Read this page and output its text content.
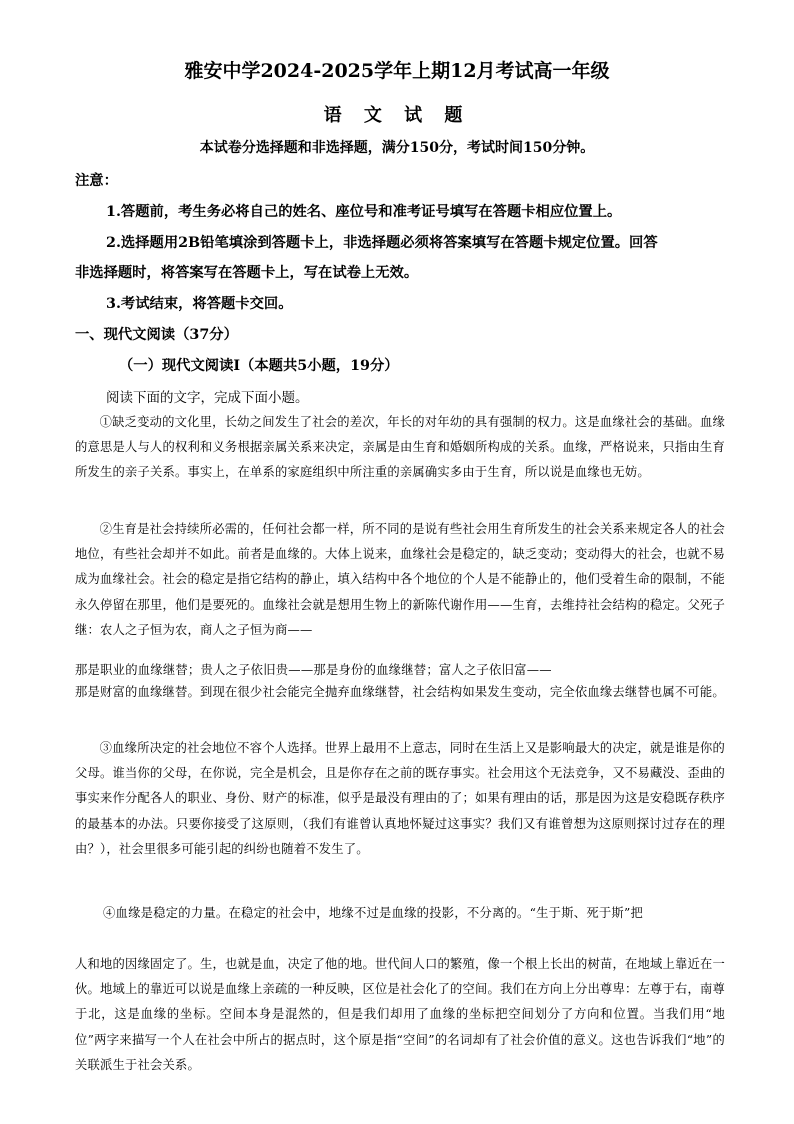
雅安中学2024-2025学年上期12月考试高一年级
语 文 试 题
本试卷分选择题和非选择题，满分150分，考试时间150分钟。
注意：
1.答题前，考生务必将自己的姓名、座位号和准考证号填写在答题卡相应位置上。
2.选择题用2B铅笔填涂到答题卡上，非选择题必须将答案填写在答题卡规定位置。回答
非选择题时，将答案写在答题卡上，写在试卷上无效。
3.考试结束，将答题卡交回。
一、现代文阅读（37分）
（一）现代文阅读I（本题共5小题，19分）
阅读下面的文字，完成下面小题。

①缺乏变动的文化里，长幼之间发生了社会的差次，年长的对年幼的具有强制的权力。这是血缘社会的基础。血缘的意思是人与人的权利和义务根据亲属关系来决定，亲属是由生育和婚姻所构成的关系。血缘，严格说来，只指由生育所发生的亲子关系。事实上，在单系的家庭组织中所注重的亲属确实多由于生育，所以说是血缘也无妨。

②生育是社会持续所必需的，任何社会都一样，所不同的是说有些社会用生育所发生的社会关系来规定各人的社会地位，有些社会却并不如此。前者是血缘的。大体上说来，血缘社会是稳定的，缺乏变动；变动得大的社会，也就不易成为血缘社会。社会的稳定是指它结构的静止，填入结构中各个地位的个人是不能静止的，他们受着生命的限制，不能永久停留在那里，他们是要死的。血缘社会就是想用生物上的新陈代谢作用——生育，去维持社会结构的稳定。父死子继：农人之子恒为农，商人之子恒为商——

那是职业的血缘继替；贵人之子依旧贵——那是身份的血缘继替；富人之子依旧富——

那是财富的血缘继替。到现在很少社会能完全抛弃血缘继替，社会结构如果发生变动，完全依血缘去继替也属不可能。

③血缘所决定的社会地位不容个人选择。世界上最用不上意志，同时在生活上又是影响最大的决定，就是谁是你的父母。谁当你的父母，在你说，完全是机会，且是你存在之前的既存事实。社会用这个无法竞争，又不易藏没、歪曲的事实来作分配各人的职业、身份、财产的标准，似乎是最没有理由的了；如果有理由的话，那是因为这是安稳既存秩序的最基本的办法。只要你接受了这原则，（我们有谁曾认真地怀疑过这事实？我们又有谁曾想为这原则探讨过存在的理由？），社会里很多可能引起的纠纷也随着不发生了。

④血缘是稳定的力量。在稳定的社会中，地缘不过是血缘的投影，不分离的。“生于斯、死于斯”把

人和地的因缘固定了。生，也就是血，决定了他的地。世代间人口的繁殖，像一个根上长出的树苗，在地域上靠近在一伙。地域上的靠近可以说是血缘上亲疏的一种反映，区位是社会化了的空间。我们在方向上分出尊卑：左尊于右，南尊于北，这是血缘的坐标。空间本身是混然的，但是我们却用了血缘的坐标把空间划分了方向和位置。当我们用“地位”两字来描写一个人在社会中所占的据点时，这个原是指“空间”的名词却有了社会价值的意义。这也告诉我们“地”的关联派生于社会关系。
